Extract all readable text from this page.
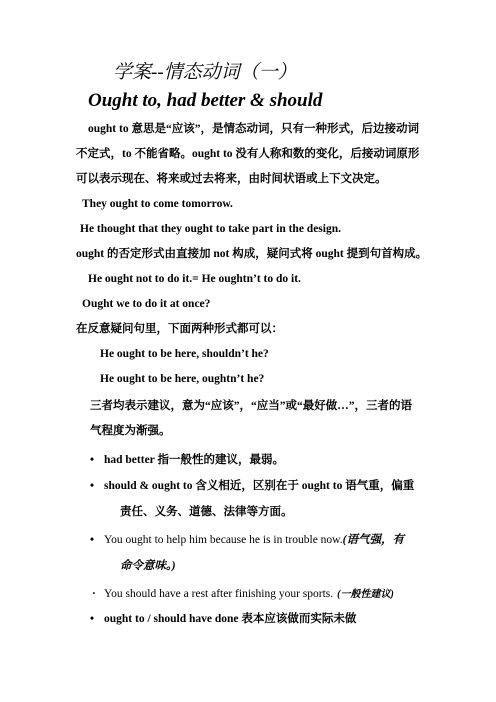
学案--情态动词（一）
Ought to, had better & should
ought to 意思是“应该”，是情态动词，只有一种形式，后边接动词
不定式，to 不能省略。ought to 没有人称和数的变化，后接动词原形
可以表示现在、将来或过去将来，由时间状语或上下文决定。
They ought to come tomorrow.
He thought that they ought to take part in the design.
ought 的否定形式由直接加 not 构成，疑问式将 ought 提到句首构成。
He ought not to do it.= He oughtn’t to do it.
Ought we to do it at once?
在反意疑问句里，下面两种形式都可以：
He ought to be here, shouldn’t he?
He ought to be here, oughtn’t he?
三者均表示建议，意为“应该”，“应当”或“最好做…”，三者的语
气程度为渐强。
• had better 指一般性的建议，最弱。
• should & ought to 含义相近，区别在于 ought to 语气重，偏重
责任、义务、道德、法律等方面。
• You ought to help him because he is in trouble now.(语气强，有
命令意味。)
· You should have a rest after finishing your sports. (一般性建议)
• ought to / should have done 表本应该做而实际未做
